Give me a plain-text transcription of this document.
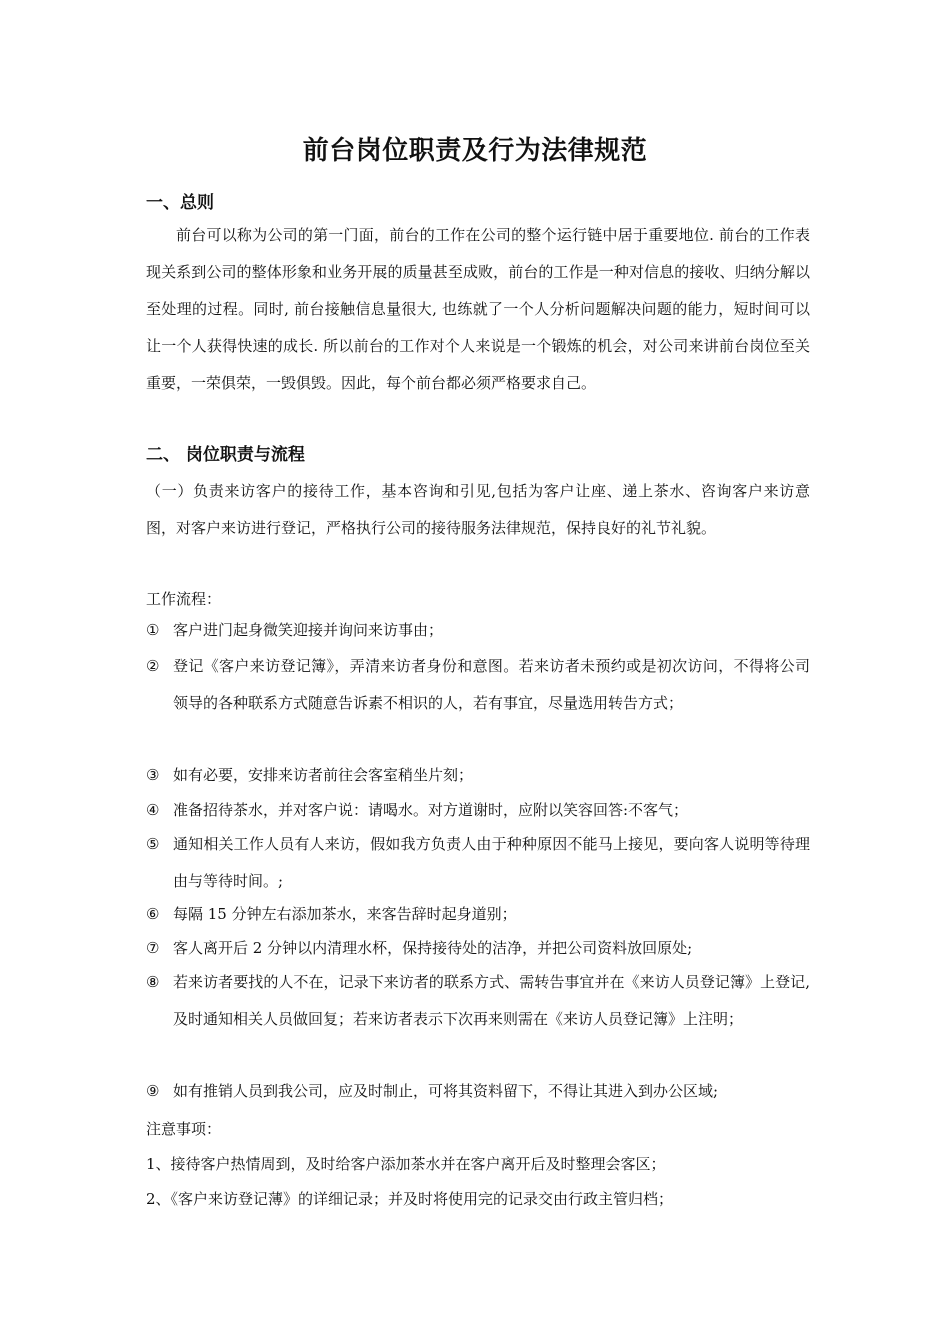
前台岗位职责及行为法律规范
一、总则
前台可以称为公司的第一门面，前台的工作在公司的整个运行链中居于重要地位. 前台的工作表现关系到公司的整体形象和业务开展的质量甚至成败，前台的工作是一种对信息的接收、归纳分解以至处理的过程。同时, 前台接触信息量很大, 也练就了一个人分析问题解决问题的能力，短时间可以让一个人获得快速的成长. 所以前台的工作对个人来说是一个锻炼的机会，对公司来讲前台岗位至关重要，一荣俱荣，一毁俱毁。因此，每个前台都必须严格要求自己。
二、 岗位职责与流程
（一）负责来访客户的接待工作，基本咨询和引见,包括为客户让座、递上茶水、咨询客户来访意图，对客户来访进行登记，严格执行公司的接待服务法律规范，保持良好的礼节礼貌。
工作流程：
① 客户进门起身微笑迎接并询问来访事由；
② 登记《客户来访登记簿》，弄清来访者身份和意图。若来访者未预约或是初次访问，不得将公司领导的各种联系方式随意告诉素不相识的人，若有事宜，尽量选用转告方式；
③ 如有必要，安排来访者前往会客室稍坐片刻；
④ 准备招待茶水，并对客户说：请喝水。对方道谢时，应附以笑容回答:不客气；
⑤ 通知相关工作人员有人来访，假如我方负责人由于种种原因不能马上接见，要向客人说明等待理由与等待时间。;
⑥ 每隔 15 分钟左右添加茶水，来客告辞时起身道别；
⑦ 客人离开后 2 分钟以内清理水杯，保持接待处的洁净，并把公司资料放回原处;
⑧ 若来访者要找的人不在，记录下来访者的联系方式、需转告事宜并在《来访人员登记簿》上登记,及时通知相关人员做回复；若来访者表示下次再来则需在《来访人员登记簿》上注明；
⑨ 如有推销人员到我公司，应及时制止，可将其资料留下，不得让其进入到办公区域;
注意事项：
1、接待客户热情周到，及时给客户添加茶水并在客户离开后及时整理会客区；
2、《客户来访登记薄》的详细记录；并及时将使用完的记录交由行政主管归档；
